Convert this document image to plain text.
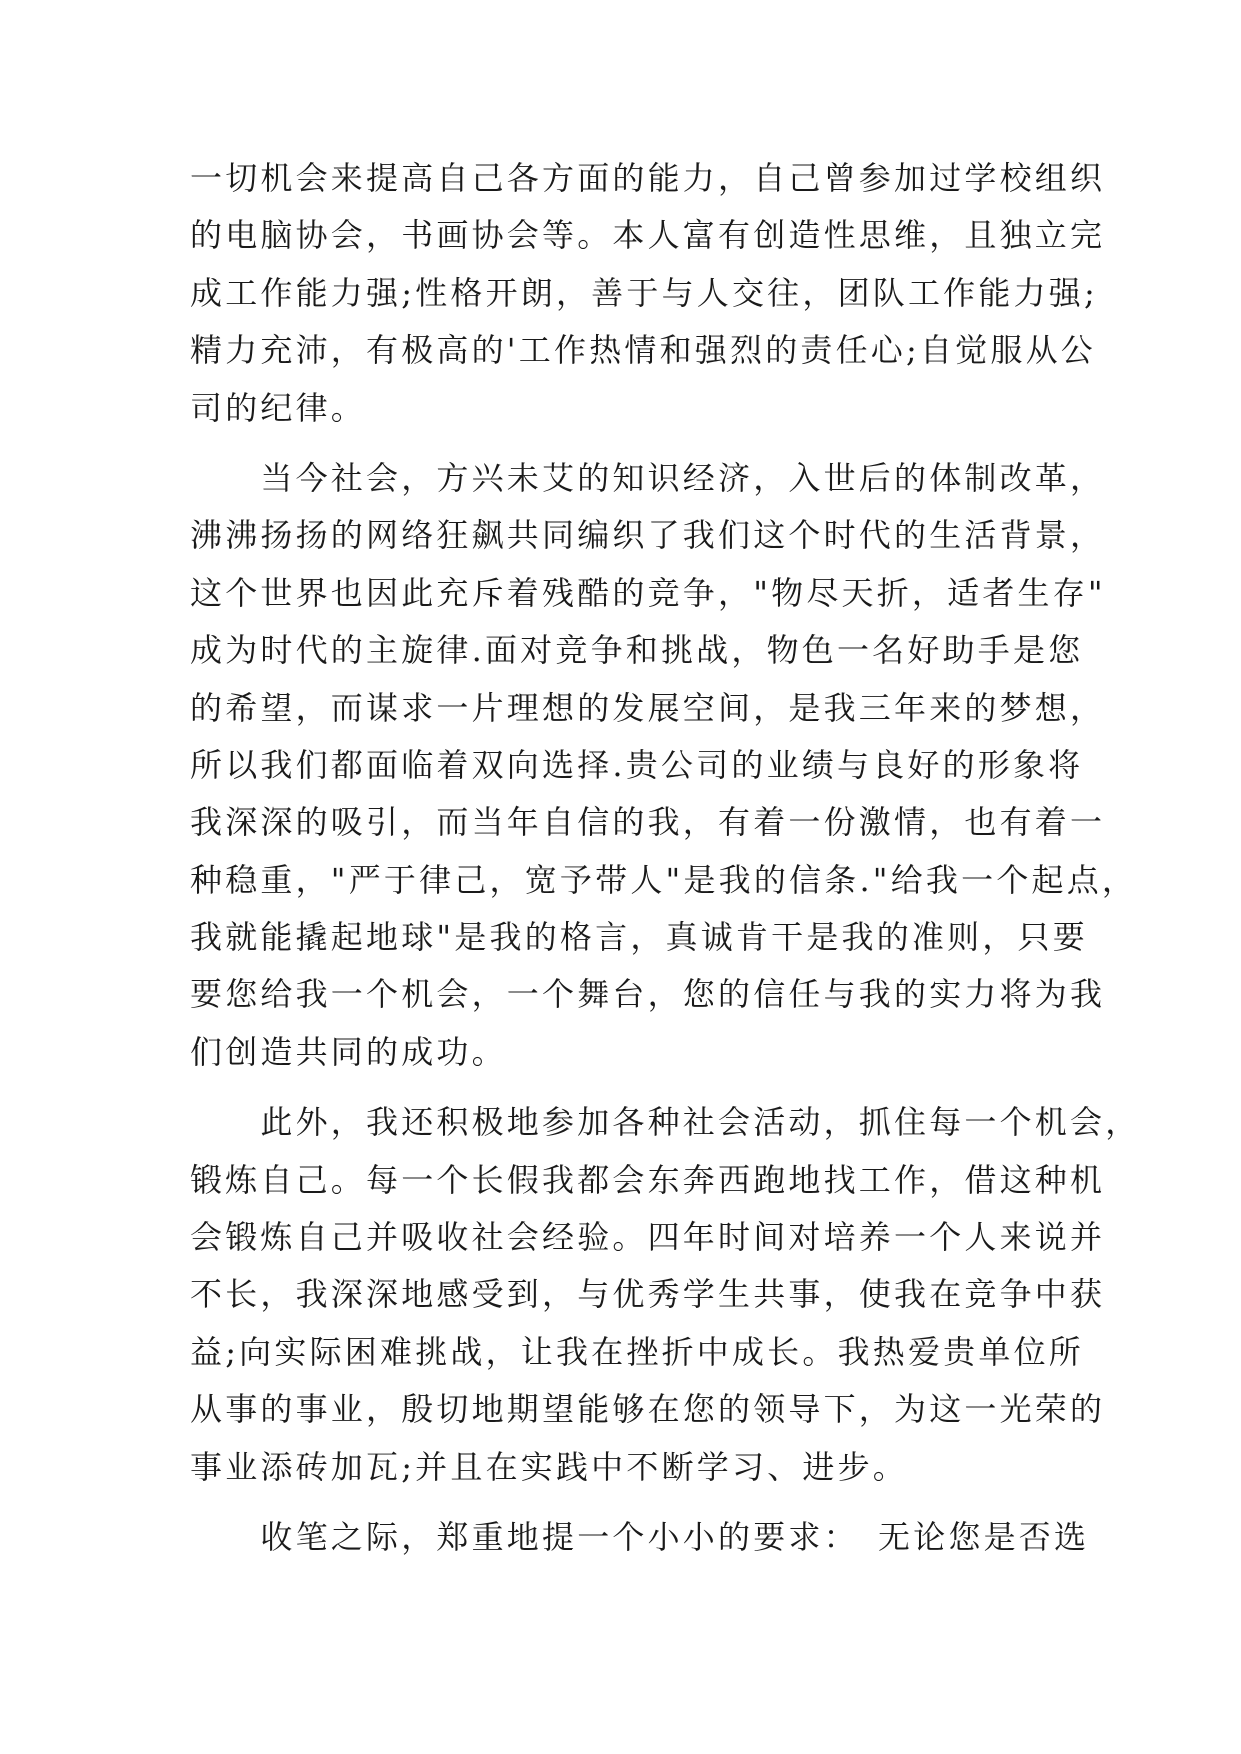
一切机会来提高自己各方面的能力，自己曾参加过学校组织
的电脑协会，书画协会等。本人富有创造性思维，且独立完
成工作能力强;性格开朗，善于与人交往，团队工作能力强;
精力充沛，有极高的'工作热情和强烈的责任心;自觉服从公
司的纪律。
　　当今社会，方兴未艾的知识经济，入世后的体制改革，
沸沸扬扬的网络狂飙共同编织了我们这个时代的生活背景，
这个世界也因此充斥着残酷的竞争，"物尽天折，适者生存"
成为时代的主旋律.面对竞争和挑战，物色一名好助手是您
的希望，而谋求一片理想的发展空间，是我三年来的梦想，
所以我们都面临着双向选择.贵公司的业绩与良好的形象将
我深深的吸引，而当年自信的我，有着一份激情，也有着一
种稳重，"严于律己，宽予带人"是我的信条."给我一个起点，
我就能撬起地球"是我的格言，真诚肯干是我的准则，只要
要您给我一个机会，一个舞台，您的信任与我的实力将为我
们创造共同的成功。
　　此外，我还积极地参加各种社会活动，抓住每一个机会，
锻炼自己。每一个长假我都会东奔西跑地找工作，借这种机
会锻炼自己并吸收社会经验。四年时间对培养一个人来说并
不长，我深深地感受到，与优秀学生共事，使我在竞争中获
益;向实际困难挑战，让我在挫折中成长。我热爱贵单位所
从事的事业，殷切地期望能够在您的领导下，为这一光荣的
事业添砖加瓦;并且在实践中不断学习、进步。
　　收笔之际，郑重地提一个小小的要求：　无论您是否选
